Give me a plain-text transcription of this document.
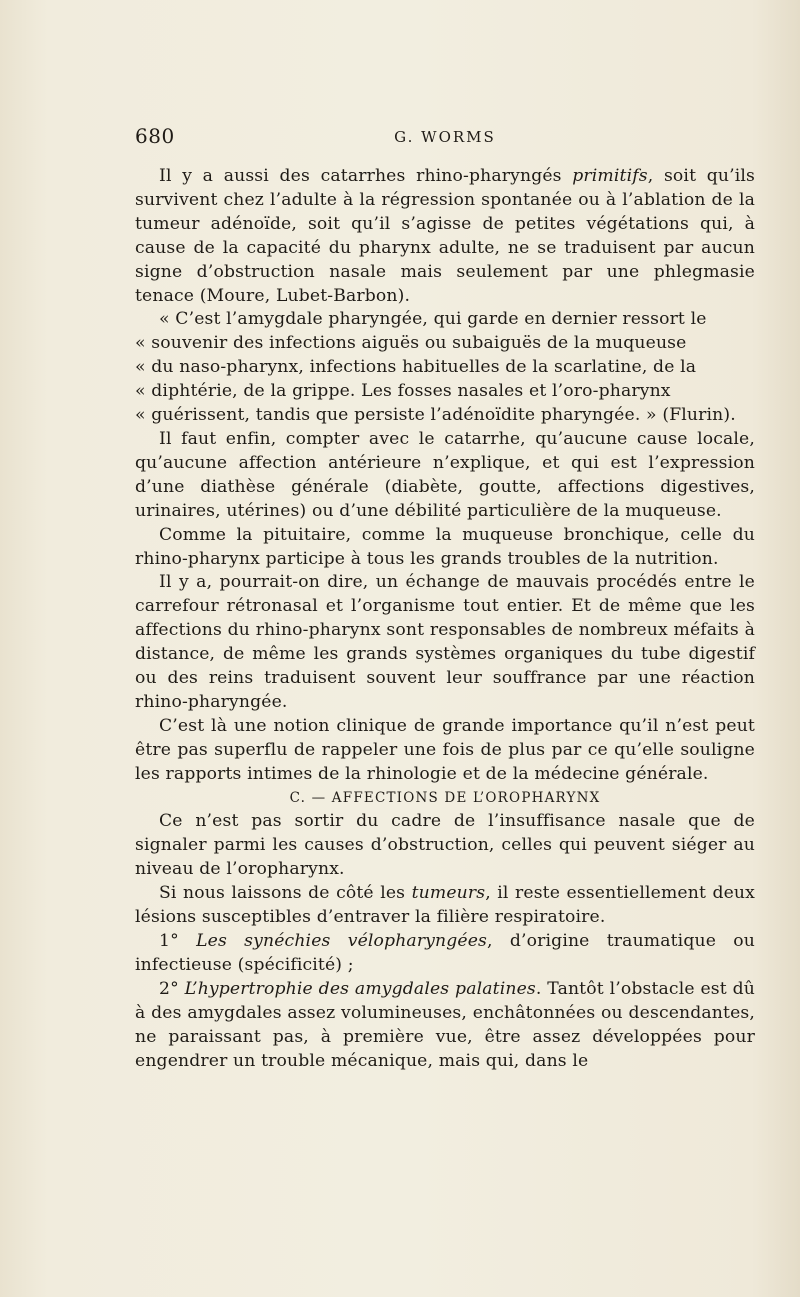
680	G. WORMS

Il y a aussi des catarrhes rhino-pharyngés primitifs, soit qu’ils survivent chez l’adulte à la régression spontanée ou à l’ablation de la tumeur adénoïde, soit qu’il s’agisse de petites végétations qui, à cause de la capacité du pharynx adulte, ne se traduisent par aucun signe d’obstruction nasale mais seulement par une phlegmasie tenace (Moure, Lubet-Barbon).

« C’est l’amygdale pharyngée, qui garde en dernier ressort le
« souvenir des infections aiguës ou subaiguës de la muqueuse
« du naso-pharynx, infections habituelles de la scarlatine, de la
« diphtérie, de la grippe. Les fosses nasales et l’oro-pharynx
« guérissent, tandis que persiste l’adénoïdite pharyngée. » (Flurin).

Il faut enfin, compter avec le catarrhe, qu’aucune cause locale, qu’aucune affection antérieure n’explique, et qui est l’expression d’une diathèse générale (diabète, goutte, affections digestives, urinaires, utérines) ou d’une débilité particulière de la muqueuse.

Comme la pituitaire, comme la muqueuse bronchique, celle du rhino-pharynx participe à tous les grands troubles de la nutrition.

Il y a, pourrait-on dire, un échange de mauvais procédés entre le carrefour rétronasal et l’organisme tout entier. Et de même que les affections du rhino-pharynx sont responsables de nombreux méfaits à distance, de même les grands systèmes organiques du tube digestif ou des reins traduisent souvent leur souffrance par une réaction rhino-pharyngée.

C’est là une notion clinique de grande importance qu’il n’est peut être pas superflu de rappeler une fois de plus par ce qu’elle souligne les rapports intimes de la rhinologie et de la médecine générale.

C. — AFFECTIONS DE L’OROPHARYNX

Ce n’est pas sortir du cadre de l’insuffisance nasale que de signaler parmi les causes d’obstruction, celles qui peuvent siéger au niveau de l’oropharynx.

Si nous laissons de côté les tumeurs, il reste essentiellement deux lésions susceptibles d’entraver la filière respiratoire.

1° Les synéchies vélopharyngées, d’origine traumatique ou infectieuse (spécificité) ;

2° L’hypertrophie des amygdales palatines. Tantôt l’obstacle est dû à des amygdales assez volumineuses, enchâtonnées ou descendantes, ne paraissant pas, à première vue, être assez développées pour engendrer un trouble mécanique, mais qui, dans le
